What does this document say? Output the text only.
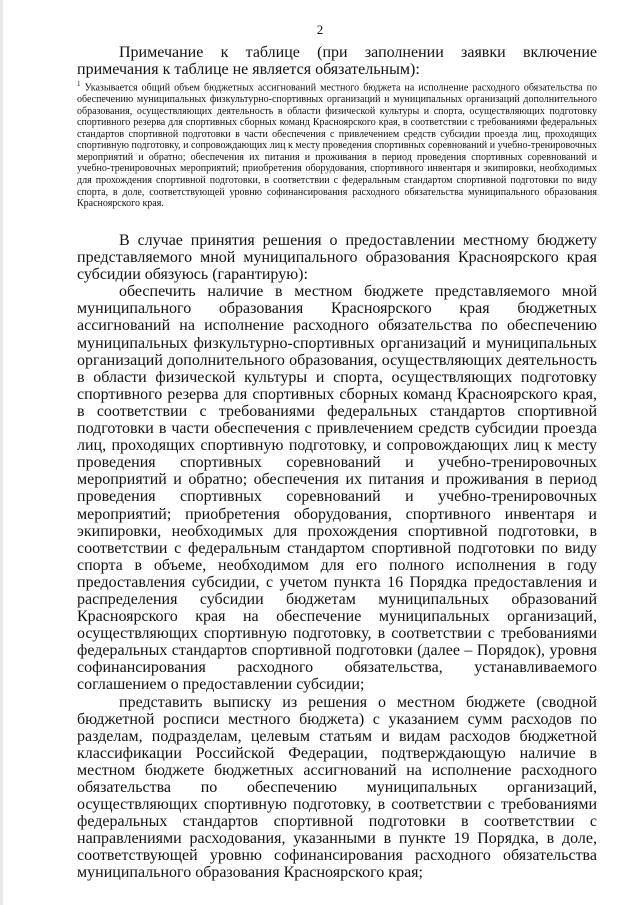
2
Примечание к таблице (при заполнении заявки включение примечания к таблице не является обязательным):
$^1$ Указывается общий объем бюджетных ассигнований местного бюджета на исполнение расходного обязательства по обеспечению муниципальных физкультурно-спортивных организаций и муниципальных организаций дополнительного образования, осуществляющих деятельность в области физической культуры и спорта, осуществляющих подготовку спортивного резерва для спортивных сборных команд Красноярского края, в соответствии с требованиями федеральных стандартов спортивной подготовки в части обеспечения с привлечением средств субсидии проезда лиц, проходящих спортивную подготовку, и сопровождающих лиц к месту проведения спортивных соревнований и учебно-тренировочных мероприятий и обратно; обеспечения их питания и проживания в период проведения спортивных соревнований и учебно-тренировочных мероприятий; приобретения оборудования, спортивного инвентаря и экипировки, необходимых для прохождения спортивной подготовки, в соответствии с федеральным стандартом спортивной подготовки по виду спорта, в доле, соответствующей уровню софинансирования расходного обязательства муниципального образования Красноярского края.

В случае принятия решения о предоставлении местному бюджету представляемого мной муниципального образования Красноярского края субсидии обязуюсь (гарантирую):

обеспечить наличие в местном бюджете представляемого мной муниципального образования Красноярского края бюджетных ассигнований на исполнение расходного обязательства по обеспечению муниципальных физкультурно-спортивных организаций и муниципальных организаций дополнительного образования, осуществляющих деятельность в области физической культуры и спорта, осуществляющих подготовку спортивного резерва для спортивных сборных команд Красноярского края, в соответствии с требованиями федеральных стандартов спортивной подготовки в части обеспечения с привлечением средств субсидии проезда лиц, проходящих спортивную подготовку, и сопровождающих лиц к месту проведения спортивных соревнований и учебно-тренировочных мероприятий и обратно; обеспечения их питания и проживания в период проведения спортивных соревнований и учебно-тренировочных мероприятий; приобретения оборудования, спортивного инвентаря и экипировки, необходимых для прохождения спортивной подготовки, в соответствии с федеральным стандартом спортивной подготовки по виду спорта в объеме, необходимом для его полного исполнения в году предоставления субсидии, с учетом пункта 16 Порядка предоставления и распределения субсидии бюджетам муниципальных образований Красноярского края на обеспечение муниципальных организаций, осуществляющих спортивную подготовку, в соответствии с требованиями федеральных стандартов спортивной подготовки (далее – Порядок), уровня софинансирования расходного обязательства, устанавливаемого соглашением о предоставлении субсидии;

представить выписку из решения о местном бюджете (сводной бюджетной росписи местного бюджета) с указанием сумм расходов по разделам, подразделам, целевым статьям и видам расходов бюджетной классификации Российской Федерации, подтверждающую наличие в местном бюджете бюджетных ассигнований на исполнение расходного обязательства по обеспечению муниципальных организаций, осуществляющих спортивную подготовку, в соответствии с требованиями федеральных стандартов спортивной подготовки в соответствии с направлениями расходования, указанными в пункте 19 Порядка, в доле, соответствующей уровню софинансирования расходного обязательства муниципального образования Красноярского края;
